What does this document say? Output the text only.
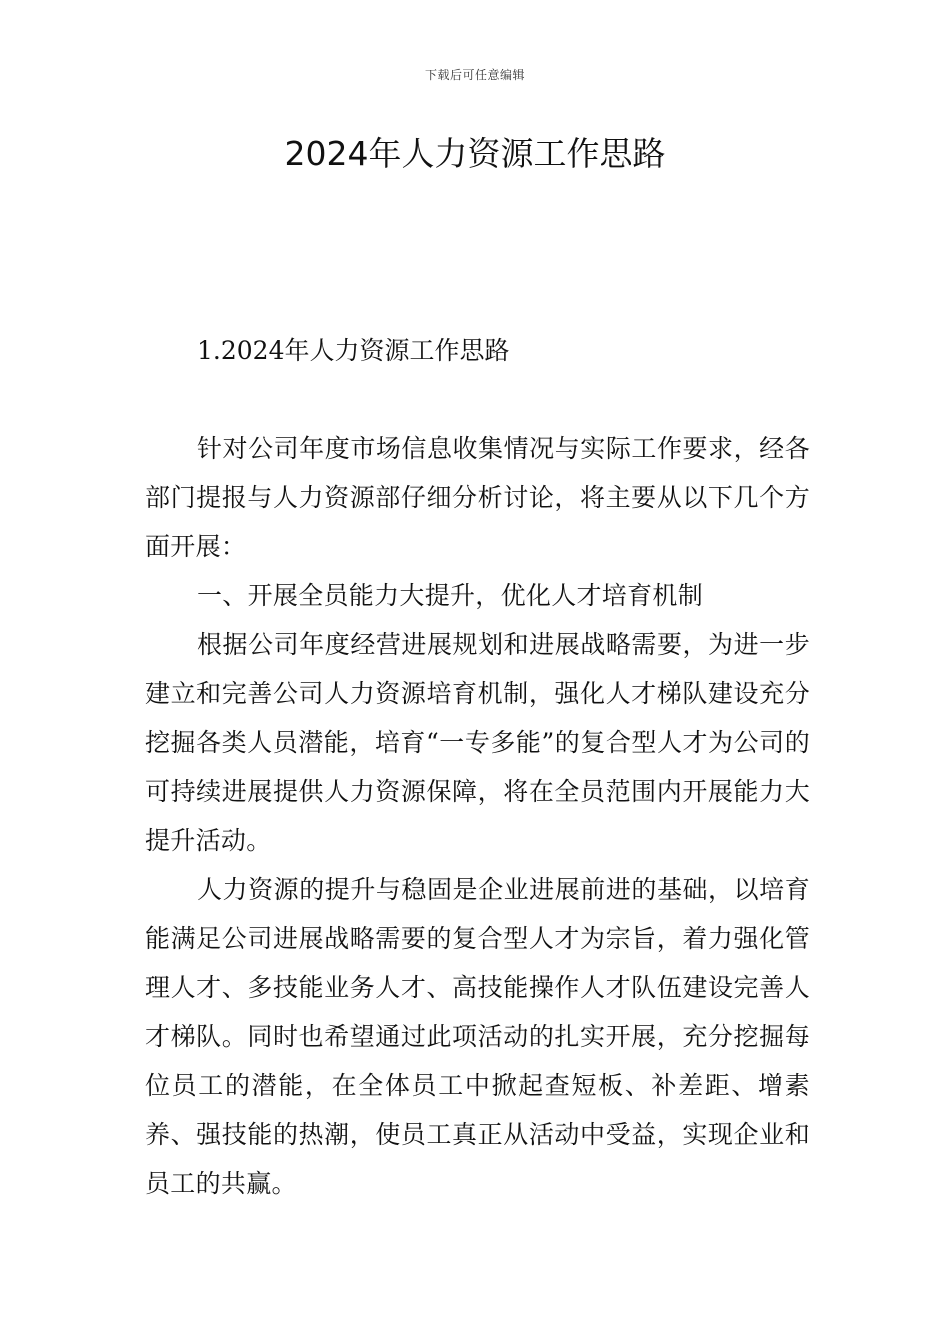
下载后可任意编辑
2024年人力资源工作思路
1.2024年人力资源工作思路

针对公司年度市场信息收集情况与实际工作要求，经各部门提报与人力资源部仔细分析讨论，将主要从以下几个方面开展：

一、开展全员能力大提升，优化人才培育机制

根据公司年度经营进展规划和进展战略需要，为进一步建立和完善公司人力资源培育机制，强化人才梯队建设充分挖掘各类人员潜能，培育“一专多能”的复合型人才为公司的可持续进展提供人力资源保障，将在全员范围内开展能力大提升活动。

人力资源的提升与稳固是企业进展前进的基础，以培育能满足公司进展战略需要的复合型人才为宗旨，着力强化管理人才、多技能业务人才、高技能操作人才队伍建设完善人才梯队。同时也希望通过此项活动的扎实开展，充分挖掘每位员工的潜能，在全体员工中掀起查短板、补差距、增素养、强技能的热潮，使员工真正从活动中受益，实现企业和员工的共赢。
